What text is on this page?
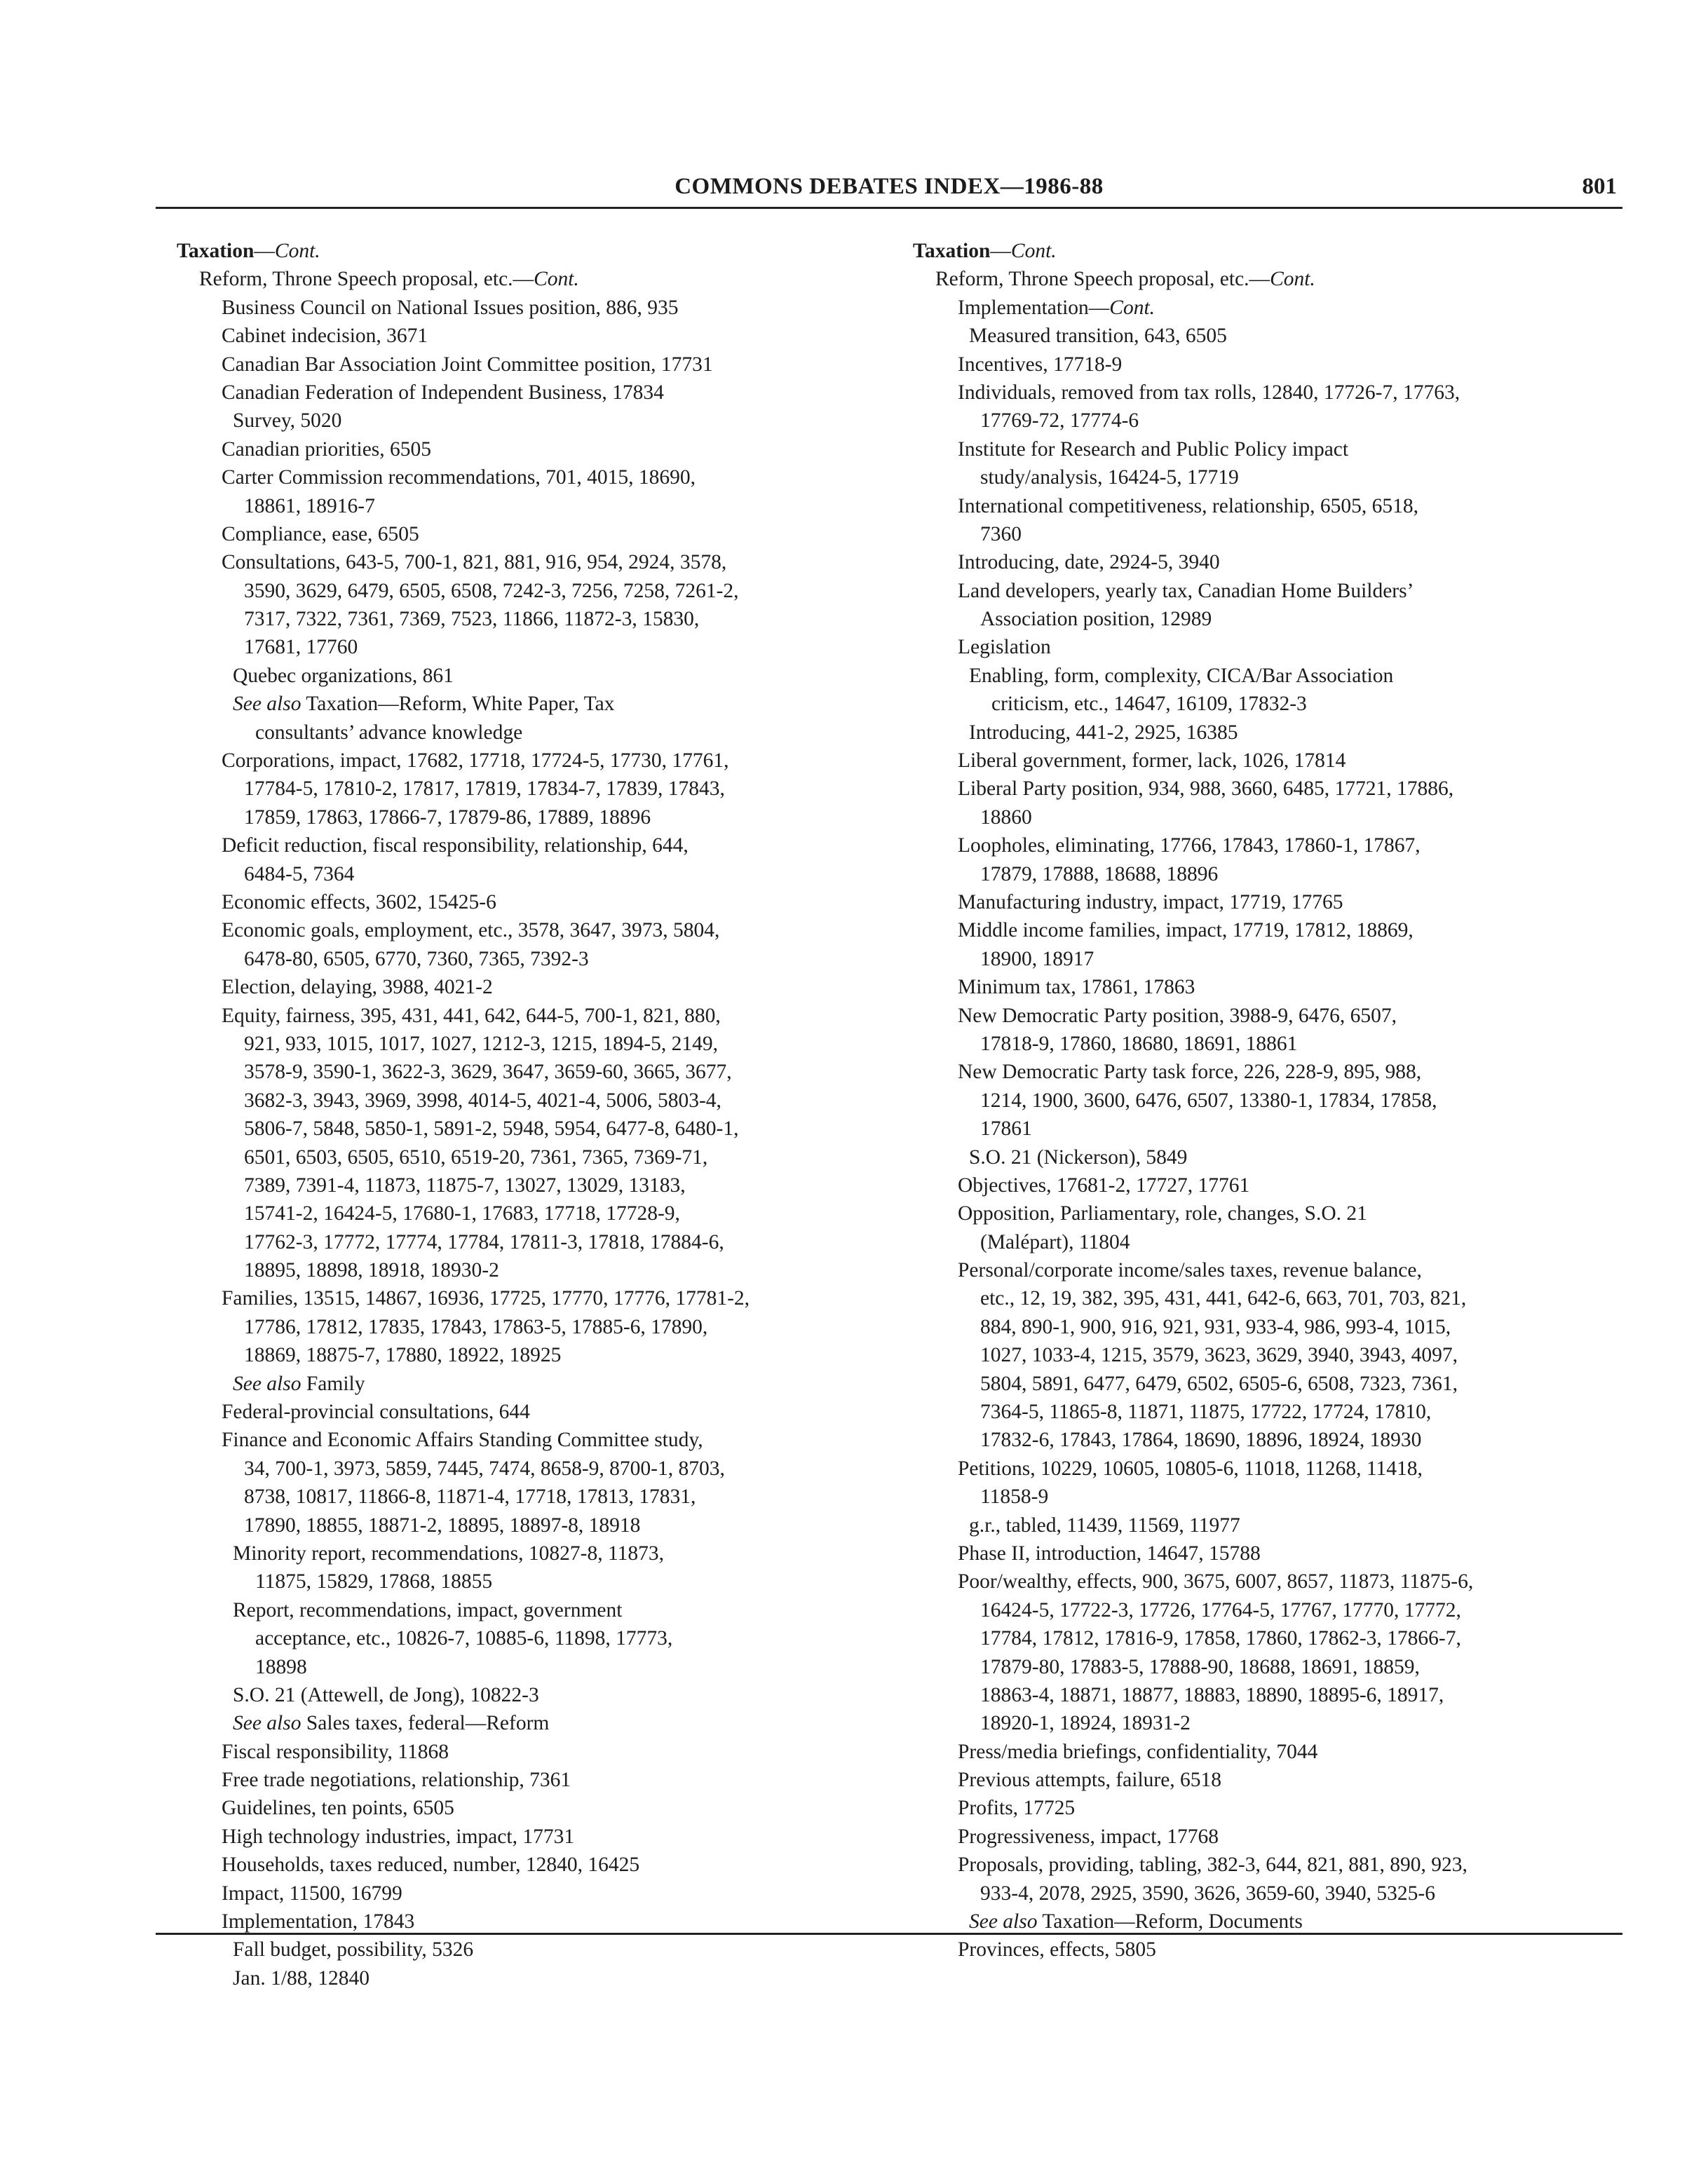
COMMONS DEBATES INDEX—1986-88	801
Taxation—Cont.
Reform, Throne Speech proposal, etc.—Cont.
Business Council on National Issues position, 886, 935
Cabinet indecision, 3671
Canadian Bar Association Joint Committee position, 17731
Canadian Federation of Independent Business, 17834
Survey, 5020
Canadian priorities, 6505
Carter Commission recommendations, 701, 4015, 18690,
18861, 18916-7
Compliance, ease, 6505
Consultations, 643-5, 700-1, 821, 881, 916, 954, 2924, 3578,
3590, 3629, 6479, 6505, 6508, 7242-3, 7256, 7258, 7261-2,
7317, 7322, 7361, 7369, 7523, 11866, 11872-3, 15830,
17681, 17760
Quebec organizations, 861
See also Taxation—Reform, White Paper, Tax
consultants’ advance knowledge
Corporations, impact, 17682, 17718, 17724-5, 17730, 17761,
17784-5, 17810-2, 17817, 17819, 17834-7, 17839, 17843,
17859, 17863, 17866-7, 17879-86, 17889, 18896
Deficit reduction, fiscal responsibility, relationship, 644,
6484-5, 7364
Economic effects, 3602, 15425-6
Economic goals, employment, etc., 3578, 3647, 3973, 5804,
6478-80, 6505, 6770, 7360, 7365, 7392-3
Election, delaying, 3988, 4021-2
Equity, fairness, 395, 431, 441, 642, 644-5, 700-1, 821, 880,
921, 933, 1015, 1017, 1027, 1212-3, 1215, 1894-5, 2149,
3578-9, 3590-1, 3622-3, 3629, 3647, 3659-60, 3665, 3677,
3682-3, 3943, 3969, 3998, 4014-5, 4021-4, 5006, 5803-4,
5806-7, 5848, 5850-1, 5891-2, 5948, 5954, 6477-8, 6480-1,
6501, 6503, 6505, 6510, 6519-20, 7361, 7365, 7369-71,
7389, 7391-4, 11873, 11875-7, 13027, 13029, 13183,
15741-2, 16424-5, 17680-1, 17683, 17718, 17728-9,
17762-3, 17772, 17774, 17784, 17811-3, 17818, 17884-6,
18895, 18898, 18918, 18930-2
Families, 13515, 14867, 16936, 17725, 17770, 17776, 17781-2,
17786, 17812, 17835, 17843, 17863-5, 17885-6, 17890,
18869, 18875-7, 17880, 18922, 18925
See also Family
Federal-provincial consultations, 644
Finance and Economic Affairs Standing Committee study,
34, 700-1, 3973, 5859, 7445, 7474, 8658-9, 8700-1, 8703,
8738, 10817, 11866-8, 11871-4, 17718, 17813, 17831,
17890, 18855, 18871-2, 18895, 18897-8, 18918
Minority report, recommendations, 10827-8, 11873,
11875, 15829, 17868, 18855
Report, recommendations, impact, government
acceptance, etc., 10826-7, 10885-6, 11898, 17773,
18898
S.O. 21 (Attewell, de Jong), 10822-3
See also Sales taxes, federal—Reform
Fiscal responsibility, 11868
Free trade negotiations, relationship, 7361
Guidelines, ten points, 6505
High technology industries, impact, 17731
Households, taxes reduced, number, 12840, 16425
Impact, 11500, 16799
Implementation, 17843
Fall budget, possibility, 5326
Jan. 1/88, 12840
Taxation—Cont.
Reform, Throne Speech proposal, etc.—Cont.
Implementation—Cont.
Measured transition, 643, 6505
Incentives, 17718-9
Individuals, removed from tax rolls, 12840, 17726-7, 17763,
17769-72, 17774-6
Institute for Research and Public Policy impact
study/analysis, 16424-5, 17719
International competitiveness, relationship, 6505, 6518,
7360
Introducing, date, 2924-5, 3940
Land developers, yearly tax, Canadian Home Builders’
Association position, 12989
Legislation
Enabling, form, complexity, CICA/Bar Association
criticism, etc., 14647, 16109, 17832-3
Introducing, 441-2, 2925, 16385
Liberal government, former, lack, 1026, 17814
Liberal Party position, 934, 988, 3660, 6485, 17721, 17886,
18860
Loopholes, eliminating, 17766, 17843, 17860-1, 17867,
17879, 17888, 18688, 18896
Manufacturing industry, impact, 17719, 17765
Middle income families, impact, 17719, 17812, 18869,
18900, 18917
Minimum tax, 17861, 17863
New Democratic Party position, 3988-9, 6476, 6507,
17818-9, 17860, 18680, 18691, 18861
New Democratic Party task force, 226, 228-9, 895, 988,
1214, 1900, 3600, 6476, 6507, 13380-1, 17834, 17858,
17861
S.O. 21 (Nickerson), 5849
Objectives, 17681-2, 17727, 17761
Opposition, Parliamentary, role, changes, S.O. 21
(Malépart), 11804
Personal/corporate income/sales taxes, revenue balance,
etc., 12, 19, 382, 395, 431, 441, 642-6, 663, 701, 703, 821,
884, 890-1, 900, 916, 921, 931, 933-4, 986, 993-4, 1015,
1027, 1033-4, 1215, 3579, 3623, 3629, 3940, 3943, 4097,
5804, 5891, 6477, 6479, 6502, 6505-6, 6508, 7323, 7361,
7364-5, 11865-8, 11871, 11875, 17722, 17724, 17810,
17832-6, 17843, 17864, 18690, 18896, 18924, 18930
Petitions, 10229, 10605, 10805-6, 11018, 11268, 11418,
11858-9
g.r., tabled, 11439, 11569, 11977
Phase II, introduction, 14647, 15788
Poor/wealthy, effects, 900, 3675, 6007, 8657, 11873, 11875-6,
16424-5, 17722-3, 17726, 17764-5, 17767, 17770, 17772,
17784, 17812, 17816-9, 17858, 17860, 17862-3, 17866-7,
17879-80, 17883-5, 17888-90, 18688, 18691, 18859,
18863-4, 18871, 18877, 18883, 18890, 18895-6, 18917,
18920-1, 18924, 18931-2
Press/media briefings, confidentiality, 7044
Previous attempts, failure, 6518
Profits, 17725
Progressiveness, impact, 17768
Proposals, providing, tabling, 382-3, 644, 821, 881, 890, 923,
933-4, 2078, 2925, 3590, 3626, 3659-60, 3940, 5325-6
See also Taxation—Reform, Documents
Provinces, effects, 5805
